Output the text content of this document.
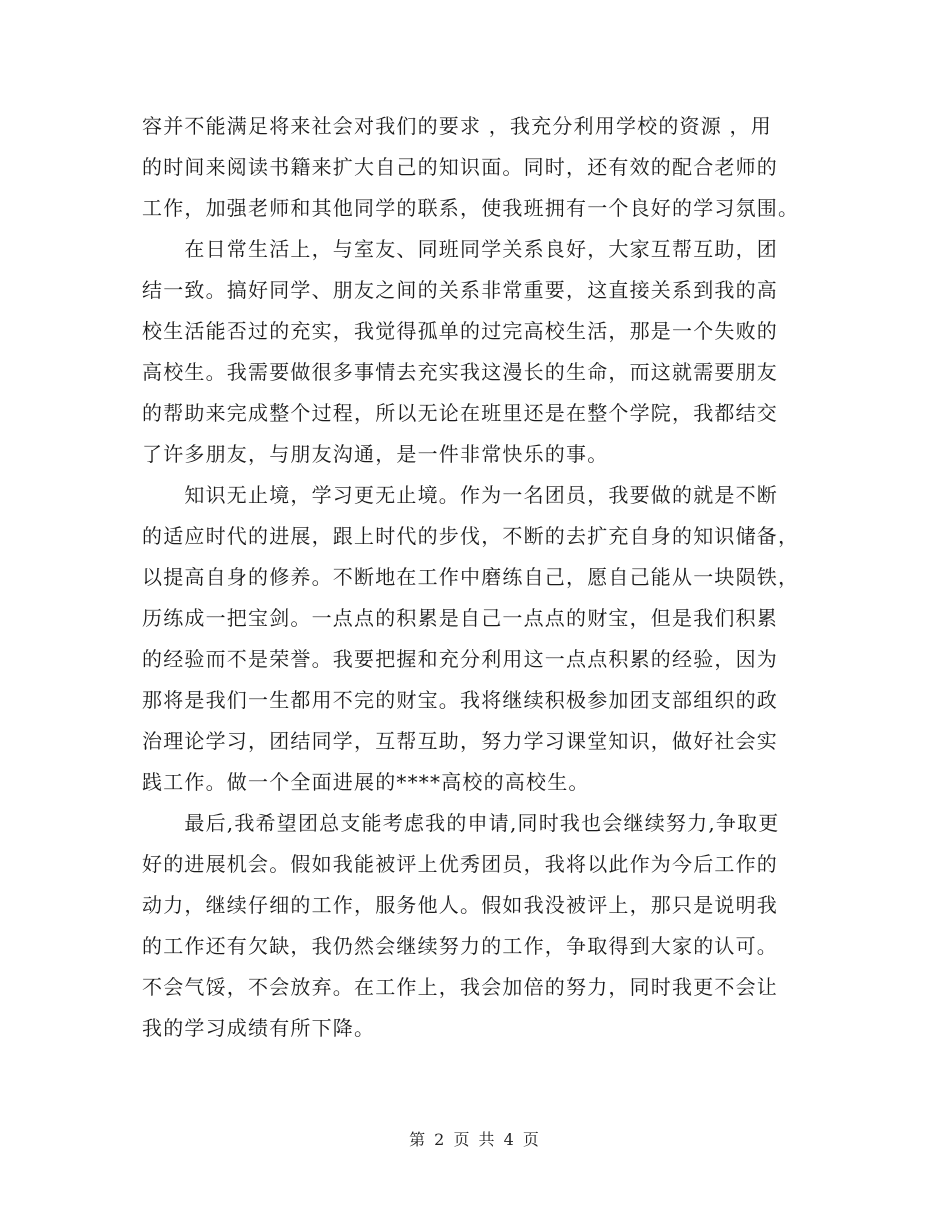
容并不能满足将来社会对我们的要求 ，我充分利用学校的资源 ，用
的时间来阅读书籍来扩大自己的知识面。同时，还有效的配合老师的
工作，加强老师和其他同学的联系，使我班拥有一个良好的学习氛围。
　　在日常生活上，与室友、同班同学关系良好，大家互帮互助，团
结一致。搞好同学、朋友之间的关系非常重要，这直接关系到我的高
校生活能否过的充实，我觉得孤单的过完高校生活，那是一个失败的
高校生。我需要做很多事情去充实我这漫长的生命，而这就需要朋友
的帮助来完成整个过程，所以无论在班里还是在整个学院，我都结交
了许多朋友，与朋友沟通，是一件非常快乐的事。
　　知识无止境，学习更无止境。作为一名团员，我要做的就是不断
的适应时代的进展，跟上时代的步伐，不断的去扩充自身的知识储备，
以提高自身的修养。不断地在工作中磨练自己，愿自己能从一块陨铁，
历练成一把宝剑。一点点的积累是自己一点点的财宝，但是我们积累
的经验而不是荣誉。我要把握和充分利用这一点点积累的经验，因为
那将是我们一生都用不完的财宝。我将继续积极参加团支部组织的政
治理论学习，团结同学，互帮互助，努力学习课堂知识，做好社会实
践工作。做一个全面进展的****高校的高校生。
　　最后,我希望团总支能考虑我的申请,同时我也会继续努力,争取更
好的进展机会。假如我能被评上优秀团员，我将以此作为今后工作的
动力，继续仔细的工作，服务他人。假如我没被评上，那只是说明我
的工作还有欠缺，我仍然会继续努力的工作，争取得到大家的认可。
不会气馁，不会放弃。在工作上，我会加倍的努力，同时我更不会让
我的学习成绩有所下降。
第 2 页 共 4 页
